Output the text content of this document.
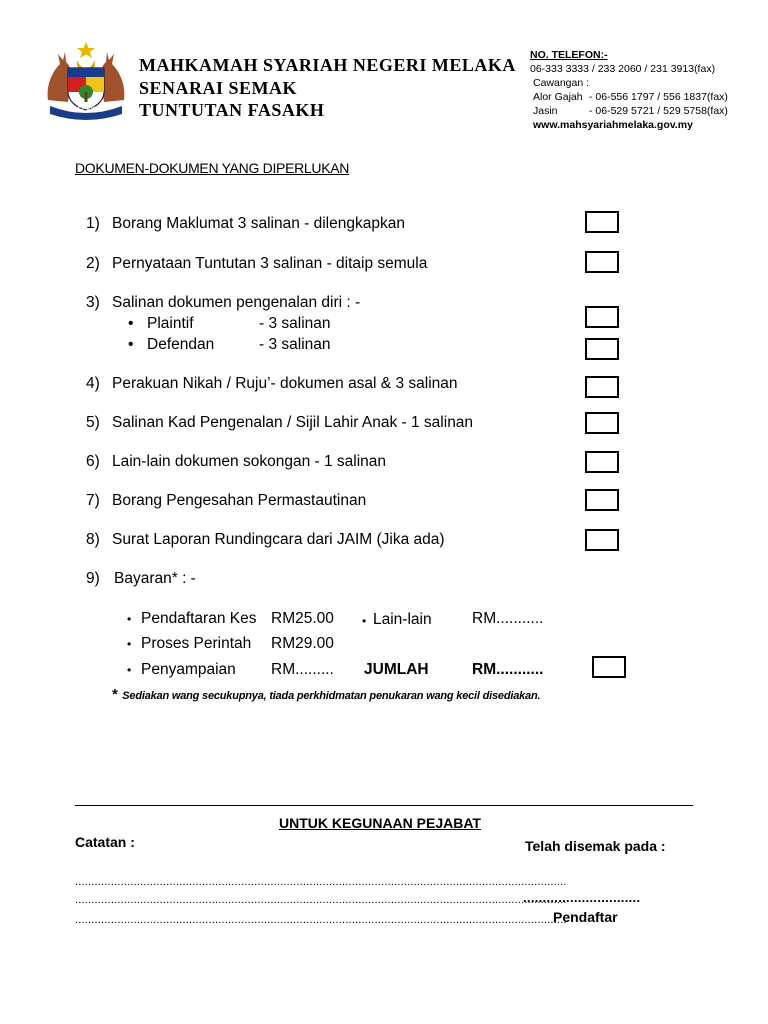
MELAKA
MAHKAMAH SYARIAH NEGERI MELAKA
SENARAI SEMAK
TUNTUTAN FASAKH
NO. TELEFON:-
06-333 3333 / 233 2060 / 231 3913(fax)
Cawangan :
Alor Gajah - 06-556 1797 / 556 1837(fax)
Jasin	- 06-529 5721 / 529 5758(fax)
www.mahsyariahmelaka.gov.my
DOKUMEN-DOKUMEN YANG DIPERLUKAN
1) Borang Maklumat 3 salinan - dilengkapkan
2) Pernyataan Tuntutan 3 salinan - ditaip semula
3) Salinan dokumen pengenalan diri : -
• Plaintif	- 3 salinan
• Defendan	- 3 salinan
4) Perakuan Nikah / Ruju’- dokumen asal & 3 salinan
5) Salinan Kad Pengenalan / Sijil Lahir Anak - 1 salinan
6) Lain-lain dokumen sokongan - 1 salinan
7) Borang Pengesahan Permastautinan
8) Surat Laporan Rundingcara dari JAIM (Jika ada)
9) Bayaran* : -
• Pendaftaran Kes RM25.00 • Lain-lain	RM...........
• Proses Perintah RM29.00
• Penyampaian RM......... JUMLAH	RM...........
* Sediakan wang secukupnya, tiada perkhidmatan penukaran wang kecil disediakan.
UNTUK KEGUNAAN PEJABAT
Catatan :	Telah disemak pada :
.......................................................................................................................................................
.......................................................................................................................................................
.......................................................................................................................................................
..............................
Pendaftar
